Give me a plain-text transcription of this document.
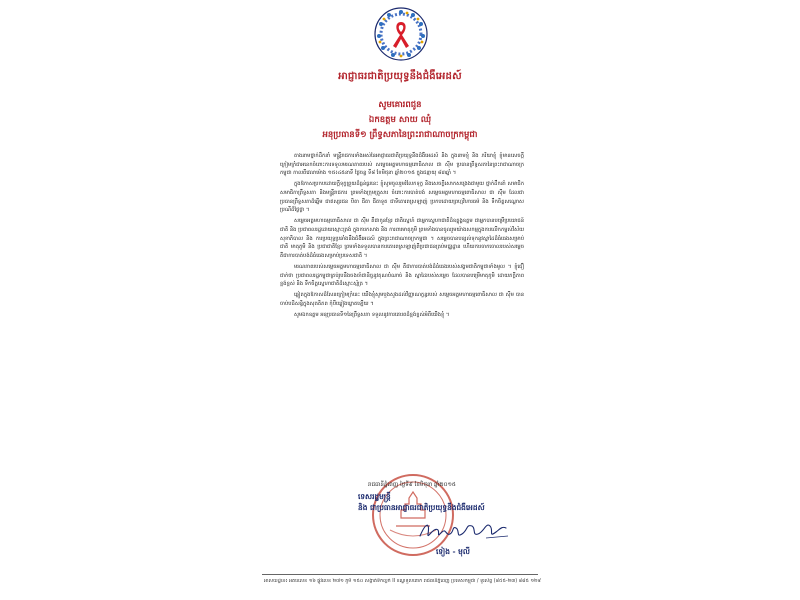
អាជ្ញាធរជាតិប្រយុទ្ធនឹងជំងឺអេដស៍
សូមគោរពជូន
ឯកឧត្តម សាយ ឈុំ
អនុប្រធានទី១ ព្រឹទ្ធសភានៃព្រះរាជាណាចក្រកម្ពុជា

តាងនាមថ្នាក់ដឹកនាំ មន្ត្រីរាជការទាំងអស់នៃអាជ្ញាធរជាតិប្រយុទ្ធនឹងជំងឺអេដស៍ និង ក្នុងនាមខ្ញុំ និង ភរិយាខ្ញុំ ខ្ញុំមានសេចក្តីក្រៀមក្រំជាអនេកចំពោះការទទួលមរណភាពរបស់ សម្តេចអគ្គមហាធម្មពោធិសាល ជា ស៊ីម ប្រធានព្រឹទ្ធសភានៃព្រះរាជាណាចក្រកម្ពុជា កាលពីវេលាម៉ោង ១៥៖៤៥នាទី ថ្ងៃចន្ទ ទី៨ ខែមិថុនា ឆ្នាំ២០១៥ ក្នុងជន្មាយុ ៨៣ឆ្នាំ ។

ក្នុងឱកាសប្រកបដោយក្តីទុក្ខព្រួយដ៏ធ្ងន់ធ្ងរនេះ ខ្ញុំសូមចូលរួមរំលែកទុក្ខ និងសេចក្តីសោកសង្រេងជាមួយ ថ្នាក់ដឹកនាំ សមាជិក សមាជិកាព្រឹទ្ធសភា និងមន្ត្រីរាជការ ព្រមទាំងក្រុមគ្រួសារ ចំពោះការបាត់បង់ សម្តេចអគ្គមហាធម្មពោធិសាល ជា ស៊ីម ដែលជា ប្រធានព្រឹទ្ធសភាដ៏ឆ្នើម ជាឥស្សរជន បិតា ជីតា ជីតាទួត ជាទីគោរពស្រឡាញ់ ប្រកបដោយព្រហ្មវិហារធម៌ និង ទឹកចិត្តសណ្តោសប្រណីដ៏ថ្លៃថ្លា ។

សម្តេចអគ្គមហាធម្មពោធិសាល ជា ស៊ីម គឺជាកូនខ្មែរ ជាតិស្នេហ៍ ជាអ្នកស្នេហាជាតិដ៏ឧត្តុង្គឧត្តម ជាអ្នកបានបម្រើប្រយោជន៍ជាតិ និង ប្រជាពលរដ្ឋដោយស្មោះត្រង់ ក្នុងការកសាង និង ការពារមាតុភូមិ ព្រមទាំងបានចូលរួមយ៉ាងសកម្មក្នុងការលើកកម្ពស់វិស័យសុខាភិបាល និង ការប្រយុទ្ធប្រឆាំងនឹងជំងឺអេដស៍ ក្នុងព្រះរាជាណាចក្រកម្ពុជា ។ សម្តេចបានបន្សល់ទុកនូវស្នាដៃដ៏ធំធេងសម្រាប់ជាតិ មាតុភូមិ និង ប្រជាជាតិខ្មែរ ព្រមទាំងទទួលបានការគោរពស្រឡាញ់ពីប្រជាជនគ្រប់មជ្ឈដ្ឋាន ហើយការចាកចោលរបស់សម្តេច គឺជាការបាត់បង់ដ៏ធំធេងសម្រាប់ប្រទេសជាតិ ។

មរណភាពរបស់សម្តេចអគ្គមហាធម្មពោធិសាល ជា ស៊ីម គឺជាការបាត់បង់ដ៏ធំធេងរបស់សង្គមជាតិកម្ពុជាទាំងមូល ។ ខ្ញុំជឿជាក់ថា ប្រជាពលរដ្ឋកម្ពុជាគ្រប់រូបនឹងចងចាំជានិច្ចនូវគុណបំណាច់ និង ស្នាដៃរបស់សម្តេច ដែលបានបម្រើមាតុភូមិ ដោយភក្តីភាពខ្ពង់ខ្ពស់ និង ទឹកចិត្តស្នេហាជាតិដ៏ស្មោះស្ម័គ្រ ។

ឆ្លៀតក្នុងឱកាសដ៏សែនក្រៀមក្រំនេះ យើងខ្ញុំសូមបួងសួងដល់វិញ្ញាណក្ខន្ធរបស់ សម្តេចអគ្គមហាធម្មពោធិសាល ជា ស៊ីម បានចាប់បដិសន្ធិក្នុងសុគតិភព កុំបីឃ្លៀងឃ្លាតឡើយ ។

សូមឯកឧត្តម អនុប្រធានទី១នៃព្រឹទ្ធសភា ទទួលនូវការគោរពដ៏ខ្ពង់ខ្ពស់អំពីយើងខ្ញុំ ។

រាជធានីភ្នំពេញ ថ្ងៃទី៩ ខែមិថុនា ឆ្នាំ២០១៥
ទេសរដ្ឋមន្ត្រី
និង ជាប្រធានអាជ្ញាធរជាតិប្រយុទ្ធនឹងជំងឺអេដស៍
ទៀង - មុលី
អាសយដ្ឋាន៖ អគារលេខ ១៦ ផ្លូវលេខ ២៧១ ភូមិ ១៥០ សង្កាត់ទឹកល្អក់ II ខណ្ឌទួលគោក រាជធានីភ្នំពេញ ប្រទេសកម្ពុជា / ទូរស័ព្ទ (៨៥៥-២៣) ៨៨៥ ១២៩
